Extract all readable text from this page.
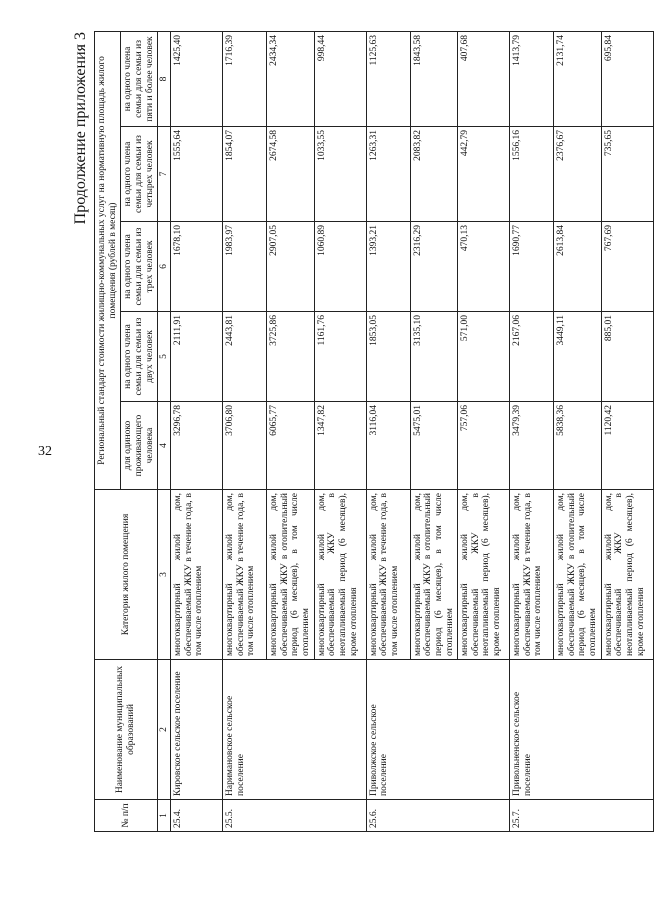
32
Продолжение приложения 3
№ п/п	Наименование муниципальных образований	Категория жилого помещения	Региональный стандарт стоимости жилищно-коммунальных услуг на нормативную площадь жилого помещения (рублей в месяц)				
			для одиноко проживающего человека	на одного члена семьи для семьи из двух человек	на одного члена семьи для семьи из трех человек	на одного члена семьи для семьи из четырех человек	на одного члена семьи для семьи из пяти и более человек
1	2	3	4	5	6	7	8
25.4.	Кировское сельское поселение	многоквартирный жилой дом, обеспечиваемый ЖКУ в течение года, в том числе отоплением	3296,78	2111,91	1678,10	1555,64	1425,40
25.5.	Наримановское сельское поселение	многоквартирный жилой дом, обеспечиваемый ЖКУ в течение года, в том числе отоплением	3706,80	2443,81	1983,97	1854,07	1716,39
		многоквартирный жилой дом, обеспечиваемый ЖКУ в отопительный период (6 месяцев), в том числе отоплением	6065,77	3725,86	2907,05	2674,58	2434,34
		многоквартирный жилой дом, обеспечиваемый ЖКУ в неотапливаемый период (6 месяцев), кроме отопления	1347,82	1161,76	1060,89	1033,55	998,44
25.6.	Приволжское сельское поселение	многоквартирный жилой дом, обеспечиваемый ЖКУ в течение года, в том числе отоплением	3116,04	1853,05	1393,21	1263,31	1125,63
		многоквартирный жилой дом, обеспечиваемый ЖКУ в отопительный период (6 месяцев), в том числе отоплением	5475,01	3135,10	2316,29	2083,82	1843,58
		многоквартирный жилой дом, обеспечиваемый ЖКУ в неотапливаемый период (6 месяцев), кроме отопления	757,06	571,00	470,13	442,79	407,68
25.7.	Привольненское сельское поселение	многоквартирный жилой дом, обеспечиваемый ЖКУ в течение года, в том числе отоплением	3479,39	2167,06	1690,77	1556,16	1413,79
		многоквартирный жилой дом, обеспечиваемый ЖКУ в отопительный период (6 месяцев), в том числе отоплением	5838,36	3449,11	2613,84	2376,67	2131,74
		многоквартирный жилой дом, обеспечиваемый ЖКУ в неотапливаемый период (6 месяцев), кроме отопления	1120,42	885,01	767,69	735,65	695,84
